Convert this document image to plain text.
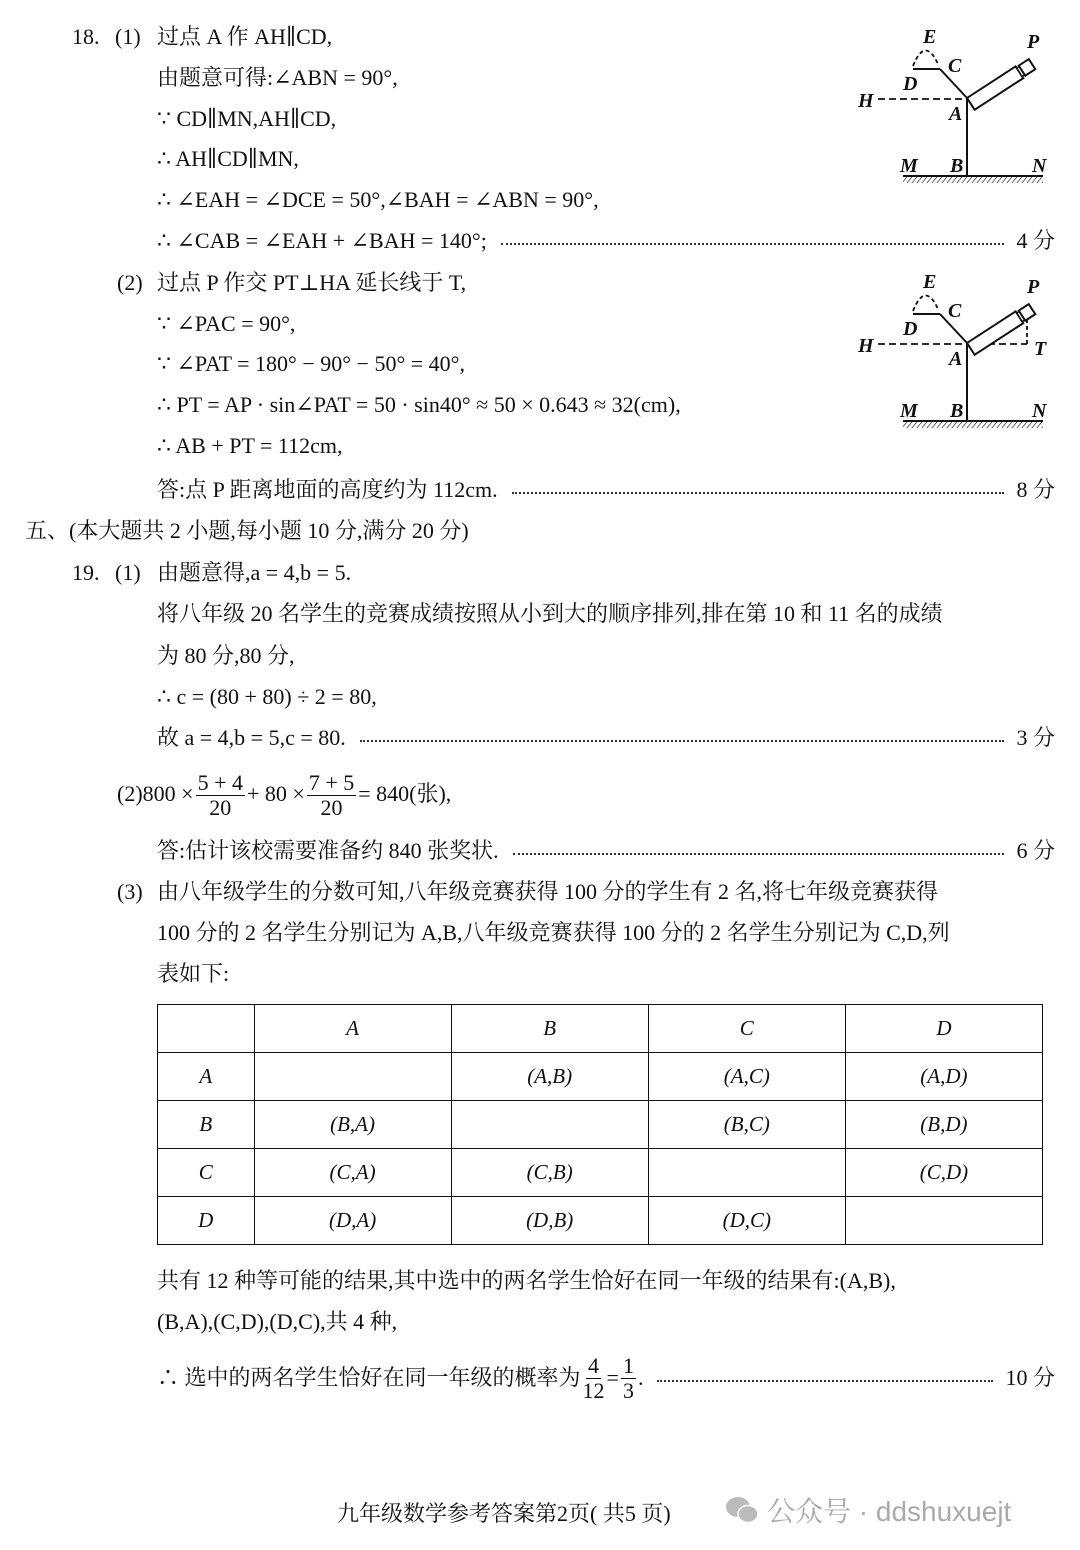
18. (1) 过点 A 作 AH∥CD,
由题意可得:∠ABN = 90°,
∵ CD∥MN,AH∥CD,
∴ AH∥CD∥MN,
∴ ∠EAH = ∠DCE = 50°,∠BAH = ∠ABN = 90°,
∴ ∠CAB = ∠EAH + ∠BAH = 140°;	4 分
(2) 过点 P 作交 PT⊥HA 延长线于 T,
∵ ∠PAC = 90°,
∵ ∠PAT = 180° − 90° − 50° = 40°,
∴ PT = AP · sin∠PAT = 50 · sin40° ≈ 50 × 0.643 ≈ 32(cm),
∴ AB + PT = 112cm,
答:点 P 距离地面的高度约为 112cm.	8 分
E
C
D
H
A
M B	N
P
E
C
D
H
A
M B	N
P
T
五、(本大题共 2 小题,每小题 10 分,满分 20 分)
19. (1) 由题意得,a = 4,b = 5.
将八年级 20 名学生的竞赛成绩按照从小到大的顺序排列,排在第 10 和 11 名的成绩
为 80 分,80 分,
∴ c = (80 + 80) ÷ 2 = 80,
故 a = 4,b = 5,c = 80.	3 分
$(2)800 \times \frac{5 + 4}{20} + 80 \times \frac{7 + 5}{20} = 840$(张),
答:估计该校需要准备约 840 张奖状.	6 分
(3) 由八年级学生的分数可知,八年级竞赛获得 100 分的学生有 2 名,将七年级竞赛获得
100 分的 2 名学生分别记为 A,B,八年级竞赛获得 100 分的 2 名学生分别记为 C,D,列
表如下:
	A	B	C	D
A		(A,B)	(A,C)	(A,D)
B	(B,A)		(B,C)	(B,D)
C	(C,A)	(C,B)		(C,D)
D	(D,A)	(D,B)	(D,C)	
共有 12 种等可能的结果,其中选中的两名学生恰好在同一年级的结果有:(A,B),
(B,A),(C,D),(D,C),共 4 种,
∴ 选中的两名学生恰好在同一年级的概率为 $\frac{4}{12} = \frac{1}{3}$ .	10 分
九年级数学参考答案第2页( 共5 页)	公众号 · ddshuxuejt
